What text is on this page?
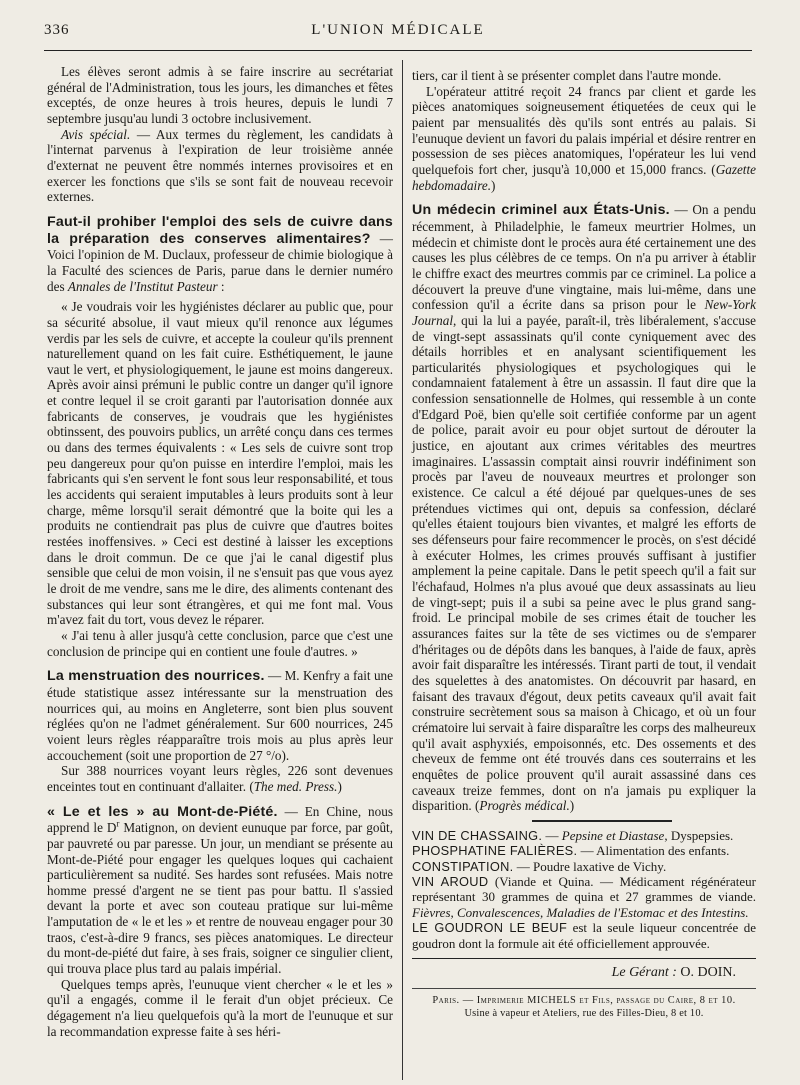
336	L'UNION MÉDICALE

Les élèves seront admis à se faire inscrire au secrétariat général de l'Administration, tous les jours, les dimanches et fêtes exceptés, de onze heures à trois heures, depuis le lundi 7 septembre jusqu'au lundi 3 octobre inclusivement.

Avis spécial. — Aux termes du règlement, les candidats à l'internat parvenus à l'expiration de leur troisième année d'externat ne peuvent être nommés internes provisoires et en exercer les fonctions que s'ils se sont fait de nouveau recevoir externes.

Faut-il prohiber l'emploi des sels de cuivre dans la préparation des conserves alimentaires? — Voici l'opinion de M. Duclaux, professeur de chimie biologique à la Faculté des sciences de Paris, parue dans le dernier numéro des Annales de l'Institut Pasteur :

« Je voudrais voir les hygiénistes déclarer au public que, pour sa sécurité absolue, il vaut mieux qu'il renonce aux légumes verdis par les sels de cuivre, et accepte la couleur qu'ils prennent naturellement quand on les fait cuire. Esthétiquement, le jaune vaut le vert, et physiologiquement, le jaune est moins dangereux. Après avoir ainsi prémuni le public contre un danger qu'il ignore et contre lequel il se croit garanti par l'autorisation donnée aux fabricants de conserves, je voudrais que les hygiénistes obtinssent, des pouvoirs publics, un arrêté conçu dans ces termes ou dans des termes équivalents : « Les sels de cuivre sont trop peu dangereux pour qu'on puisse en interdire l'emploi, mais les fabricants qui s'en servent le font sous leur responsabilité, et tous les accidents qui seraient imputables à leurs produits sont à leur charge, même lorsqu'il serait démontré que la boite qui les a produits ne contiendrait pas plus de cuivre que d'autres boites restées inoffensives. » Ceci est destiné à laisser les exceptions dans le droit commun. De ce que j'ai le canal digestif plus sensible que celui de mon voisin, il ne s'ensuit pas que vous ayez le droit de me vendre, sans me le dire, des aliments contenant des substances qui leur sont étrangères, et qui me font mal. Vous m'avez fait du tort, vous devez le réparer.

« J'ai tenu à aller jusqu'à cette conclusion, parce que c'est une conclusion de principe qui en contient une foule d'autres. »

La menstruation des nourrices. — M. Kenfry a fait une étude statistique assez intéressante sur la menstruation des nourrices qui, au moins en Angleterre, sont bien plus souvent réglées qu'on ne l'admet généralement. Sur 600 nourrices, 245 voient leurs règles réapparaître trois mois au plus après leur accouchement (soit une proportion de 27 °/o).

Sur 388 nourrices voyant leurs règles, 226 sont devenues enceintes tout en continuant d'allaiter. (The med. Press.)

« Le et les » au Mont-de-Piété. — En Chine, nous apprend le $D^r$ Matignon, on devient eunuque par force, par goût, par pauvreté ou par paresse. Un jour, un mendiant se présente au Mont-de-Piété pour engager les quelques loques qui cachaient particulièrement sa nudité. Ses hardes sont refusées. Mais notre homme pressé d'argent ne se tient pas pour battu. Il s'assied devant la porte et avec son couteau pratique sur lui-même l'amputation de « le et les » et rentre de nouveau engager pour 30 traos, c'est-à-dire 9 francs, ses pièces anatomiques. Le directeur du mont-de-piété dut faire, à ses frais, soigner ce singulier client, qui trouva place plus tard au palais impérial.

Quelques temps après, l'eunuque vient chercher « le et les » qu'il a engagés, comme il le ferait d'un objet précieux. Ce dégagement n'a lieu quelquefois qu'à la mort de l'eunuque et sur la recommandation expresse faite à ses héri-

tiers, car il tient à se présenter complet dans l'autre monde.

L'opérateur attitré reçoit 24 francs par client et garde les pièces anatomiques soigneusement étiquetées de ceux qui le paient par mensualités dès qu'ils sont entrés au palais. Si l'eunuque devient un favori du palais impérial et désire rentrer en possession de ses pièces anatomiques, l'opérateur les lui vend quelquefois fort cher, jusqu'à 10,000 et 15,000 francs. (Gazette hebdomadaire.)

Un médecin criminel aux États-Unis. — On a pendu récemment, à Philadelphie, le fameux meurtrier Holmes, un médecin et chimiste dont le procès aura été certainement une des causes les plus célèbres de ce temps. On n'a pu arriver à établir le chiffre exact des meurtres commis par ce criminel. La police a découvert la preuve d'une vingtaine, mais lui-même, dans une confession qu'il a écrite dans sa prison pour le New-York Journal, qui la lui a payée, paraît-il, très libéralement, s'accuse de vingt-sept assassinats qu'il conte cyniquement avec des détails horribles et en analysant scientifiquement les particularités physiologiques et psychologiques qui le condamnaient fatalement à être un assassin. Il faut dire que la confession sensationnelle de Holmes, qui ressemble à un conte d'Edgard Poë, bien qu'elle soit certifiée conforme par un agent de police, parait avoir eu pour objet surtout de dérouter la justice, en ajoutant aux crimes véritables des meurtres imaginaires. L'assassin comptait ainsi rouvrir indéfiniment son procès par l'aveu de nouveaux meurtres et prolonger son existence. Ce calcul a été déjoué par quelques-unes de ses prétendues victimes qui ont, depuis sa confession, déclaré qu'elles étaient toujours bien vivantes, et malgré les efforts de ses défenseurs pour faire recommencer le procès, on s'est décidé à exécuter Holmes, les crimes prouvés suffisant à justifier amplement la peine capitale. Dans le petit speech qu'il a fait sur l'échafaud, Holmes n'a plus avoué que deux assassinats au lieu de vingt-sept; puis il a subi sa peine avec le plus grand sang-froid. Le principal mobile de ses crimes était de toucher les assurances faites sur la tête de ses victimes ou de s'emparer d'héritages ou de dépôts dans les banques, à l'aide de faux, après avoir fait disparaître les intéressés. Tirant parti de tout, il vendait des squelettes à des anatomistes. On découvrit par hasard, en faisant des travaux d'égout, deux petits caveaux qu'il avait fait construire secrètement sous sa maison à Chicago, et où un four crématoire lui servait à faire disparaître les corps des malheureux qu'il avait asphyxiés, empoisonnés, etc. Des ossements et des cheveux de femme ont été trouvés dans ces souterrains et les enquêtes de police prouvent qu'il aurait assassiné dans ces caveaux treize femmes, dont on n'a jamais pu expliquer la disparition. (Progrès médical.)

VIN DE CHASSAING. — Pepsine et Diastase, Dyspepsies.

PHOSPHATINE FALIÈRES. — Alimentation des enfants.

CONSTIPATION. — Poudre laxative de Vichy.

VIN AROUD (Viande et Quina. — Médicament régénérateur représentant 30 grammes de quina et 27 grammes de viande. Fièvres, Convalescences, Maladies de l'Estomac et des Intestins.

LE GOUDRON LE BEUF est la seule liqueur concentrée de goudron dont la formule ait été officiellement approuvée.

Le Gérant : O. DOIN.
Paris. — Imprimerie MICHELS et Fils, passage du Caire, 8 et 10.
Usine à vapeur et Ateliers, rue des Filles-Dieu, 8 et 10.
